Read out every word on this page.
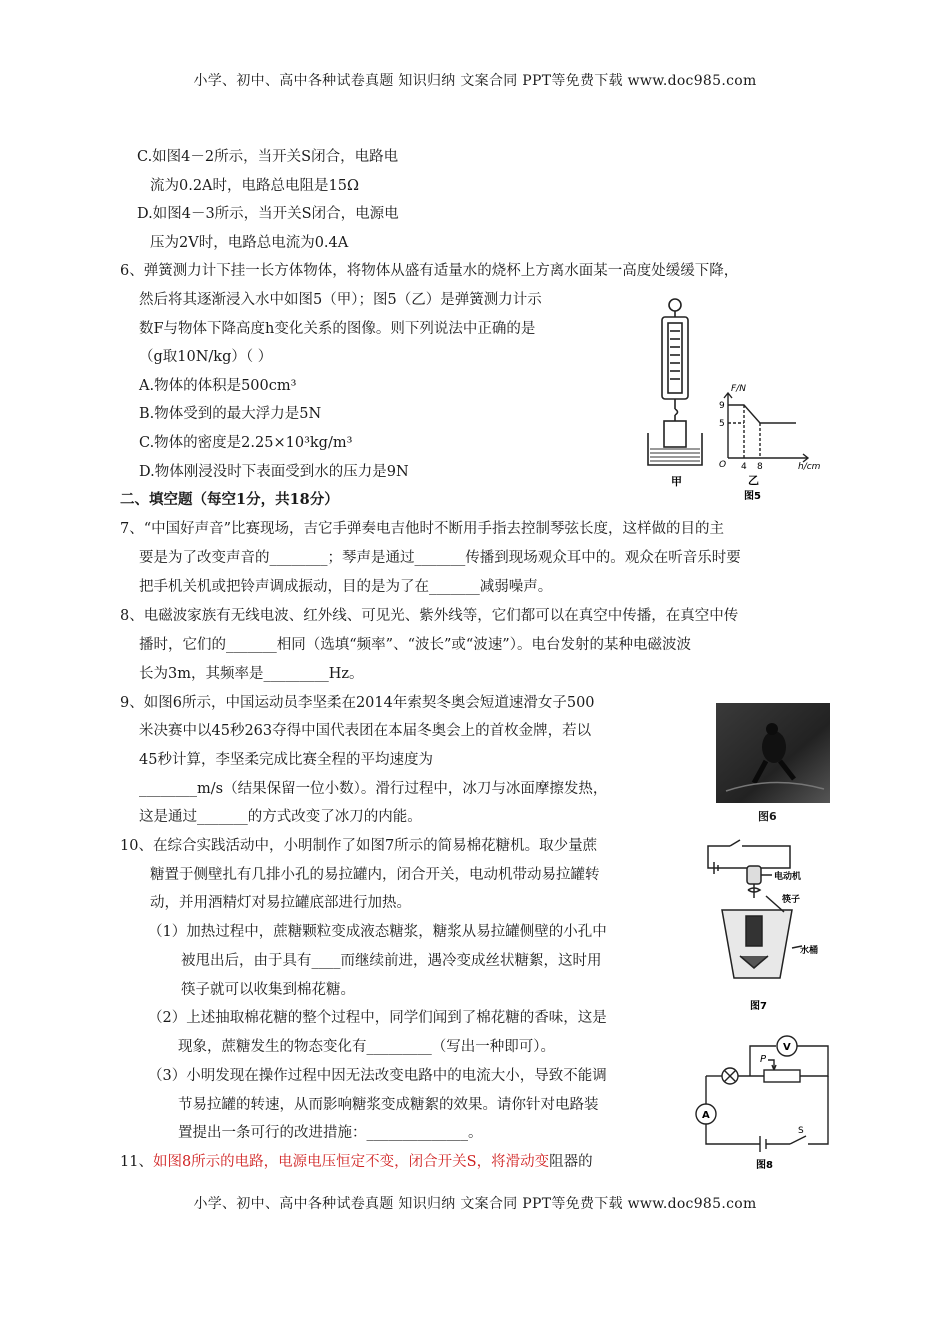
小学、初中、高中各种试卷真题 知识归纳 文案合同 PPT等免费下载 www.doc985.com
C.如图4－2所示，当开关S闭合，电路电
流为0.2A时，电路总电阻是15Ω
D.如图4－3所示，当开关S闭合，电源电
压为2V时，电路总电流为0.4A
6、弹簧测力计下挂一长方体物体，将物体从盛有适量水的烧杯上方离水面某一高度处缓缓下降，
然后将其逐渐浸入水中如图5（甲）；图5（乙）是弹簧测力计示
数F与物体下降高度h变化关系的图像。则下列说法中正确的是
（g取10N/kg）（ ）
A.物体的体积是500cm³
B.物体受到的最大浮力是5N
C.物体的密度是2.25×10³kg/m³
D.物体刚浸没时下表面受到水的压力是9N
甲
F/N
9
5
O 4 8	h/cm
乙
图5
二、填空题（每空1分，共18分）
7、“中国好声音”比赛现场，吉它手弹奏电吉他时不断用手指去控制琴弦长度，这样做的目的主
要是为了改变声音的________；琴声是通过_______传播到现场观众耳中的。观众在听音乐时要
把手机关机或把铃声调成振动，目的是为了在_______减弱噪声。
8、电磁波家族有无线电波、红外线、可见光、紫外线等，它们都可以在真空中传播，在真空中传
播时，它们的_______相同（选填“频率”、“波长”或“波速”）。电台发射的某种电磁波波
长为3m，其频率是_________Hz。
9、如图6所示，中国运动员李坚柔在2014年索契冬奥会短道速滑女子500
米决赛中以45秒263夺得中国代表团在本届冬奥会上的首枚金牌，若以
45秒计算，李坚柔完成比赛全程的平均速度为
________m/s（结果保留一位小数）。滑行过程中，冰刀与冰面摩擦发热，
这是通过_______的方式改变了冰刀的内能。	图6
10、在综合实践活动中，小明制作了如图7所示的简易棉花糖机。取少量蔗
糖置于侧壁扎有几排小孔的易拉罐内，闭合开关，电动机带动易拉罐转
动，并用酒精灯对易拉罐底部进行加热。
（1）加热过程中，蔗糖颗粒变成液态糖浆，糖浆从易拉罐侧壁的小孔中
被甩出后，由于具有____而继续前进，遇冷变成丝状糖絮，这时用
筷子就可以收集到棉花糖。
（2）上述抽取棉花糖的整个过程中，同学们闻到了棉花糖的香味，这是
现象，蔗糖发生的物态变化有_________（写出一种即可）。
（3）小明发现在操作过程中因无法改变电路中的电流大小，导致不能调
节易拉罐的转速，从而影响糖浆变成糖絮的效果。请你针对电路装
置提出一条可行的改进措施：______________。
电动机
筷子
水桶
图7
V
A
P
S
图8
11、如图8所示的电路，电源电压恒定不变，闭合开关S，将滑动变阻器的
小学、初中、高中各种试卷真题 知识归纳 文案合同 PPT等免费下载 www.doc985.com
